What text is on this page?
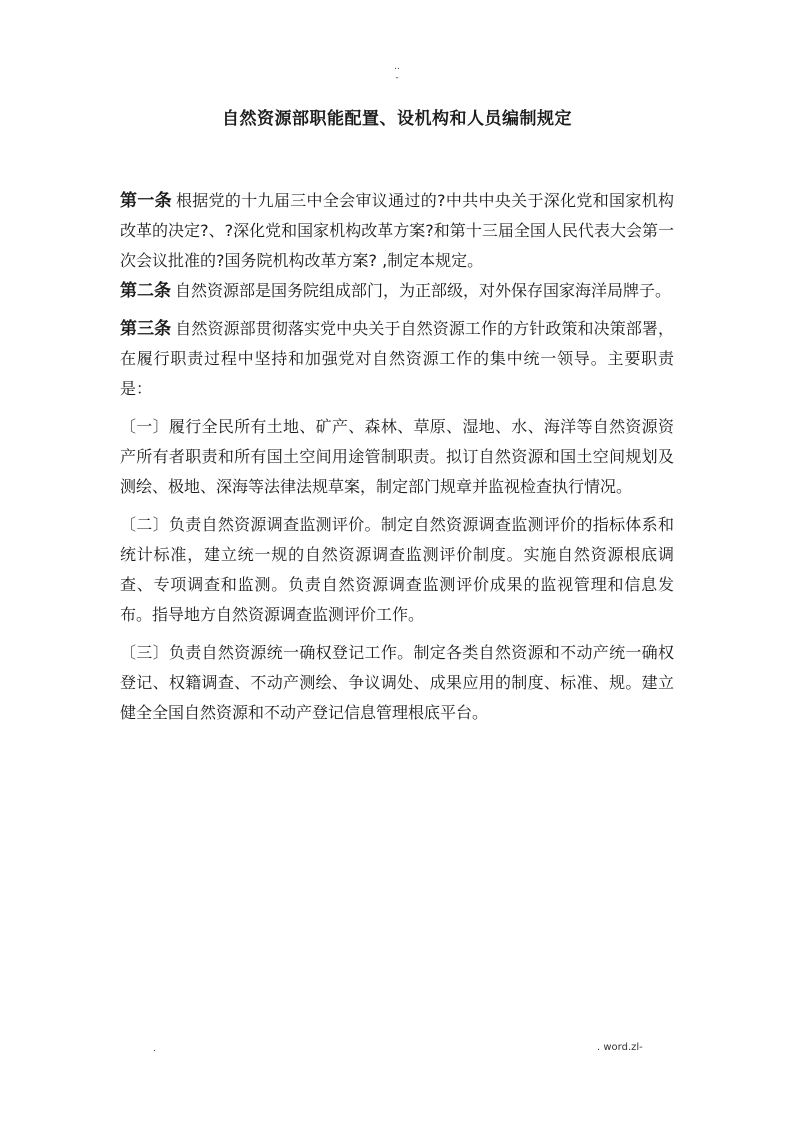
..
-
自然资源部职能配置、设机构和人员编制规定

第一条 根据党的十九届三中全会审议通过的?中共中央关于深化党和国家机构改革的决定?、?深化党和国家机构改革方案?和第十三届全国人民代表大会第一次会议批准的?国务院机构改革方案? ,制定本规定。

第二条 自然资源部是国务院组成部门，为正部级，对外保存国家海洋局牌子。

第三条 自然资源部贯彻落实党中央关于自然资源工作的方针政策和决策部署，在履行职责过程中坚持和加强党对自然资源工作的集中统一领导。主要职责是：

〔一〕履行全民所有土地、矿产、森林、草原、湿地、水、海洋等自然资源资产所有者职责和所有国土空间用途管制职责。拟订自然资源和国土空间规划及测绘、极地、深海等法律法规草案，制定部门规章并监视检查执行情况。

〔二〕负责自然资源调查监测评价。制定自然资源调查监测评价的指标体系和统计标准，建立统一规的自然资源调查监测评价制度。实施自然资源根底调查、专项调查和监测。负责自然资源调查监测评价成果的监视管理和信息发布。指导地方自然资源调查监测评价工作。

〔三〕负责自然资源统一确权登记工作。制定各类自然资源和不动产统一确权登记、权籍调查、不动产测绘、争议调处、成果应用的制度、标准、规。建立健全全国自然资源和不动产登记信息管理根底平台。

.	. word.zl-
